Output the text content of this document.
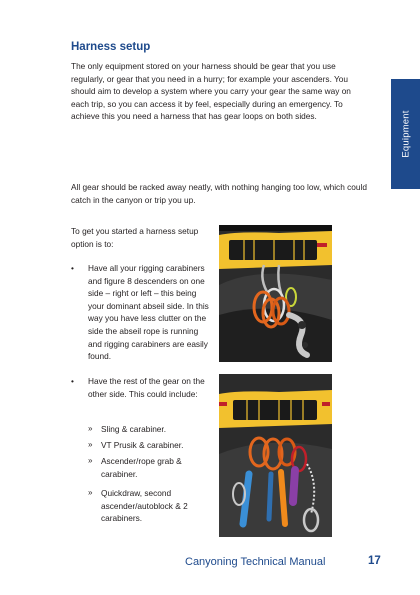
Harness setup
The only equipment stored on your harness should be gear that you use regularly, or gear that you need in a hurry; for example your ascenders. You should aim to develop a system where you carry your gear the same way on each trip, so you can access it by feel, especially during an emergency. To achieve this you need a harness that has gear loops on both sides.
All gear should be racked away neatly, with nothing hanging too low, which could catch in the canyon or trip you up.
To get you started a harness setup option is to:
• Have all your rigging carabiners and figure 8 descenders on one side – right or left – this being your dominant abseil side. In this way you have less clutter on the side the abseil rope is running and rigging carabiners are easily found.
• Have the rest of the gear on the other side. This could include:
» Sling & carabiner.
» VT Prusik & carabiner.
» Ascender/rope grab & carabiner.
» Quickdraw, second ascender/autoblock & 2 carabiners.
Equipment
Canyoning Technical Manual	17
